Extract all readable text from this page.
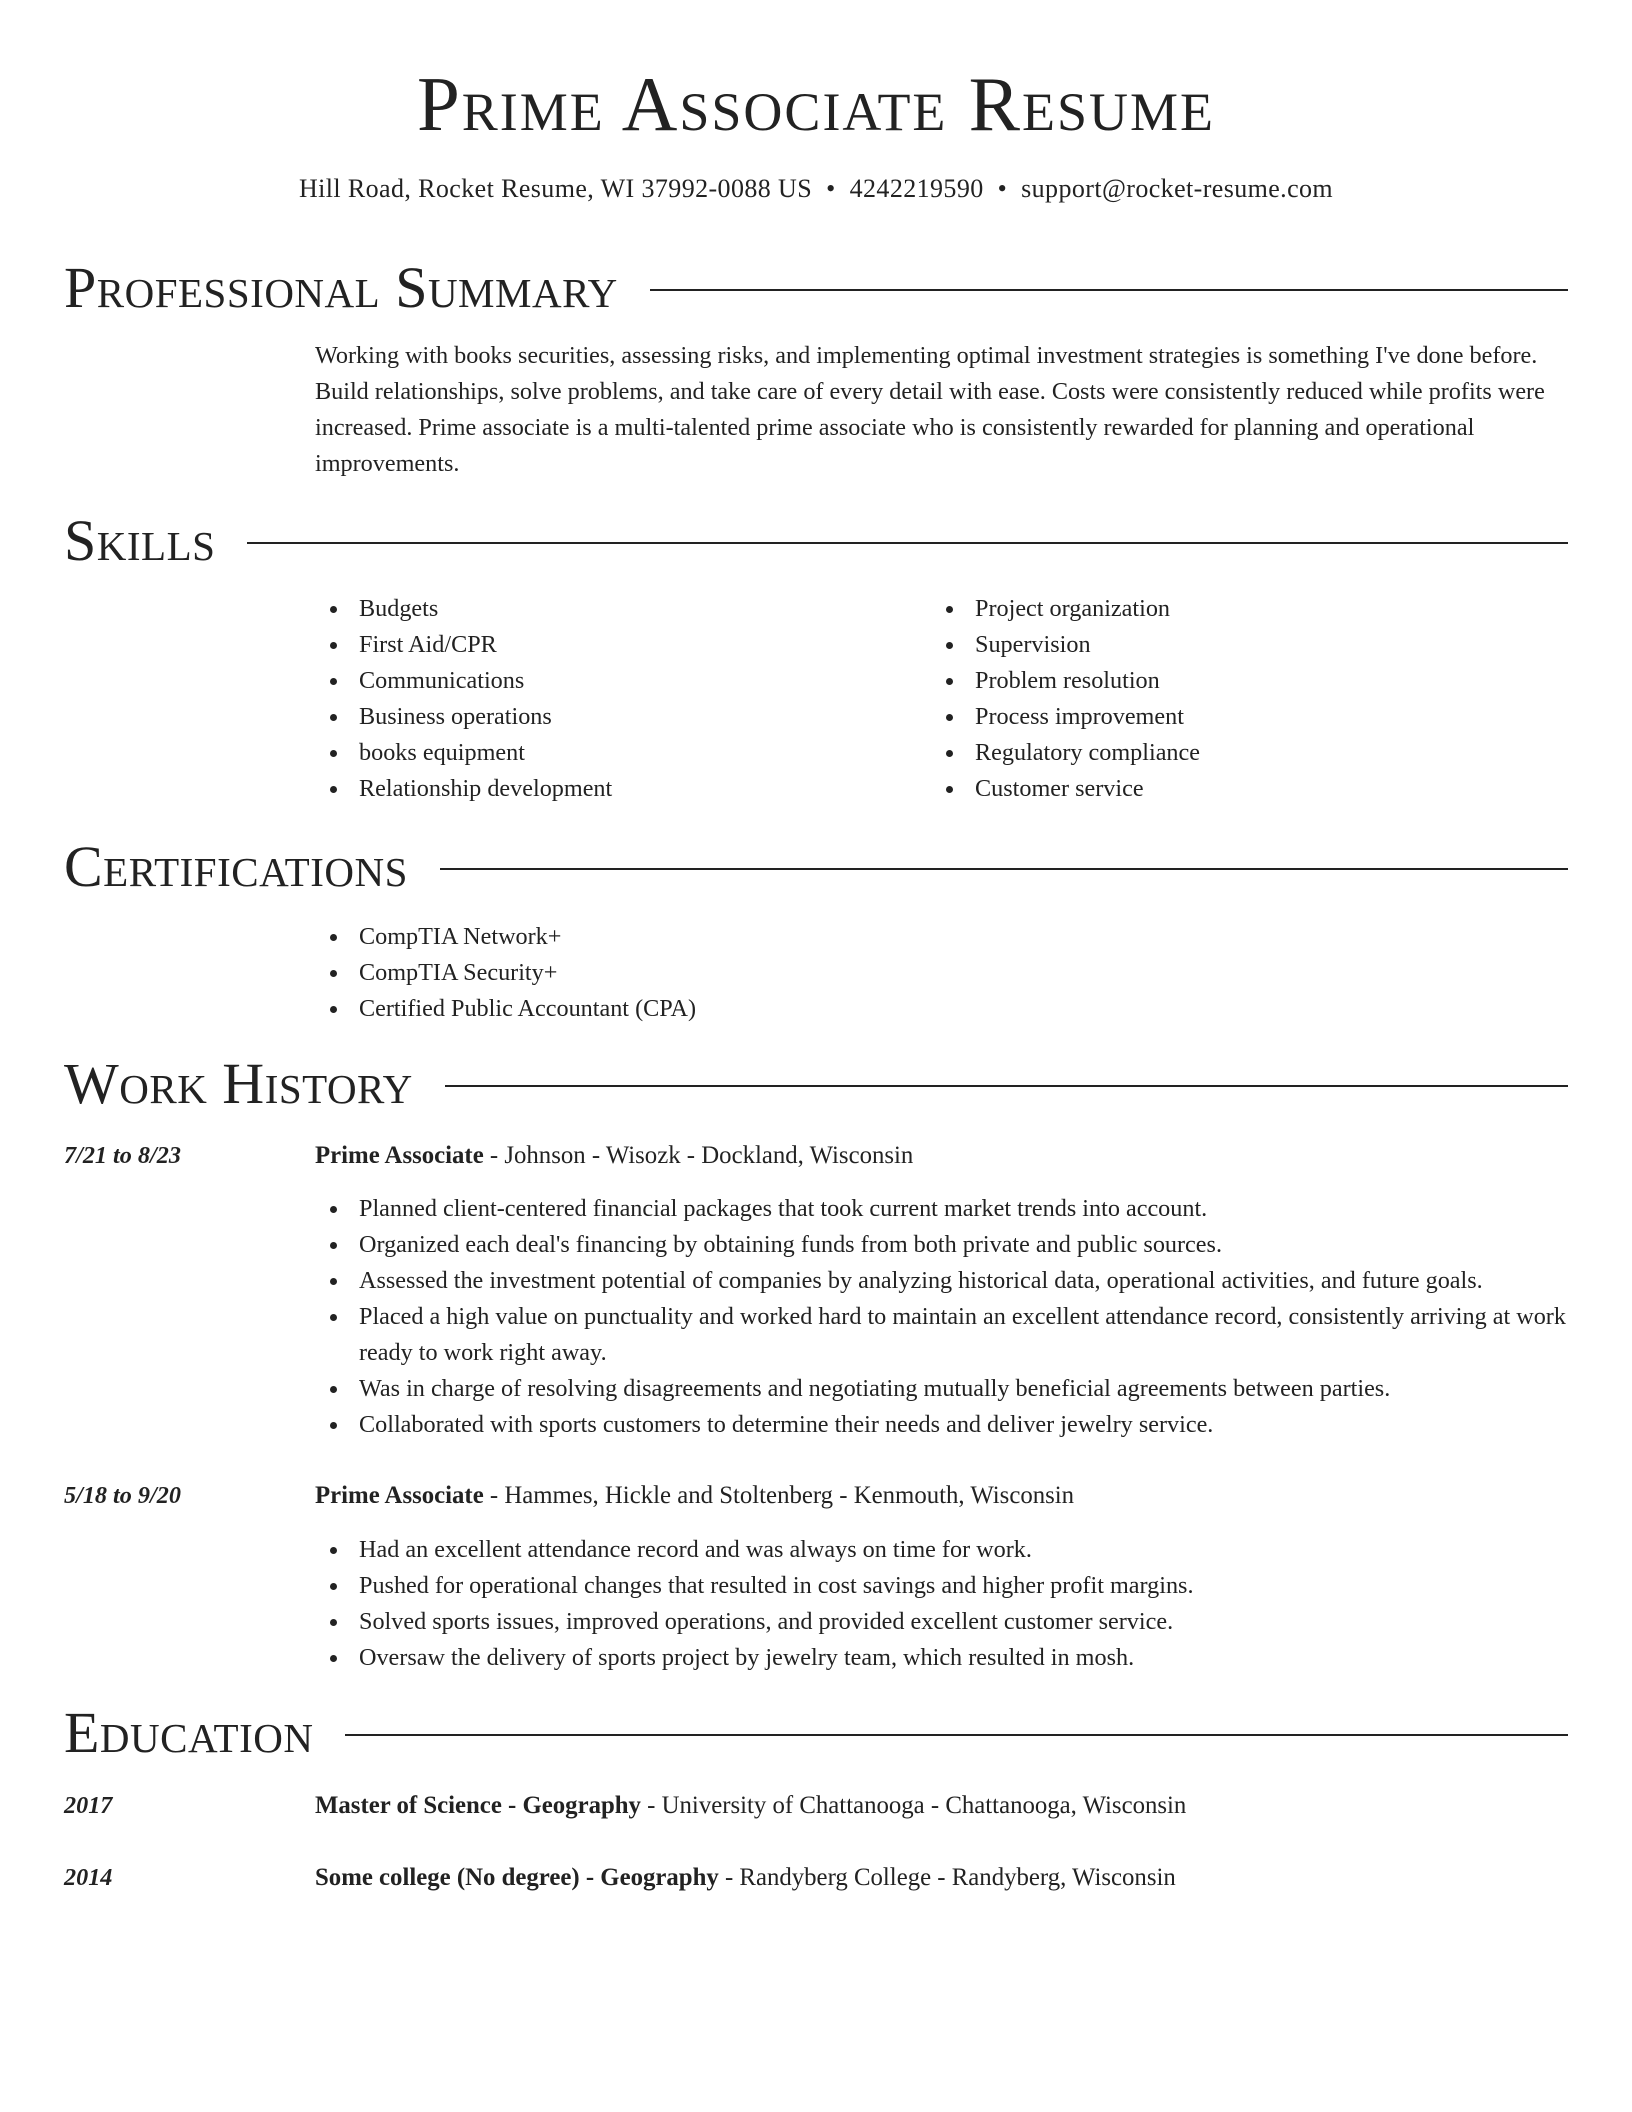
Prime Associate Resume
Hill Road, Rocket Resume, WI 37992-0088 US • 4242219590 • support@rocket-resume.com
Professional Summary

Working with books securities, assessing risks, and implementing optimal investment strategies is something I've done before. Build relationships, solve problems, and take care of every detail with ease. Costs were consistently reduced while profits were increased. Prime associate is a multi-talented prime associate who is consistently rewarded for planning and operational improvements.

Skills
Budgets
First Aid/CPR
Communications
Business operations
books equipment
Relationship development
Project organization
Supervision
Problem resolution
Process improvement
Regulatory compliance
Customer service
Certifications
CompTIA Network+
CompTIA Security+
Certified Public Accountant (CPA)
Work History
7/21 to 8/23	Prime Associate - Johnson - Wisozk - Dockland, Wisconsin
Planned client-centered financial packages that took current market trends into account.
Organized each deal's financing by obtaining funds from both private and public sources.
Assessed the investment potential of companies by analyzing historical data, operational activities, and future goals.
Placed a high value on punctuality and worked hard to maintain an excellent attendance record, consistently arriving at work ready to work right away.
Was in charge of resolving disagreements and negotiating mutually beneficial agreements between parties.
Collaborated with sports customers to determine their needs and deliver jewelry service.
5/18 to 9/20	Prime Associate - Hammes, Hickle and Stoltenberg - Kenmouth, Wisconsin
Had an excellent attendance record and was always on time for work.
Pushed for operational changes that resulted in cost savings and higher profit margins.
Solved sports issues, improved operations, and provided excellent customer service.
Oversaw the delivery of sports project by jewelry team, which resulted in mosh.
Education
2017	Master of Science - Geography - University of Chattanooga - Chattanooga, Wisconsin
2014	Some college (No degree) - Geography - Randyberg College - Randyberg, Wisconsin
